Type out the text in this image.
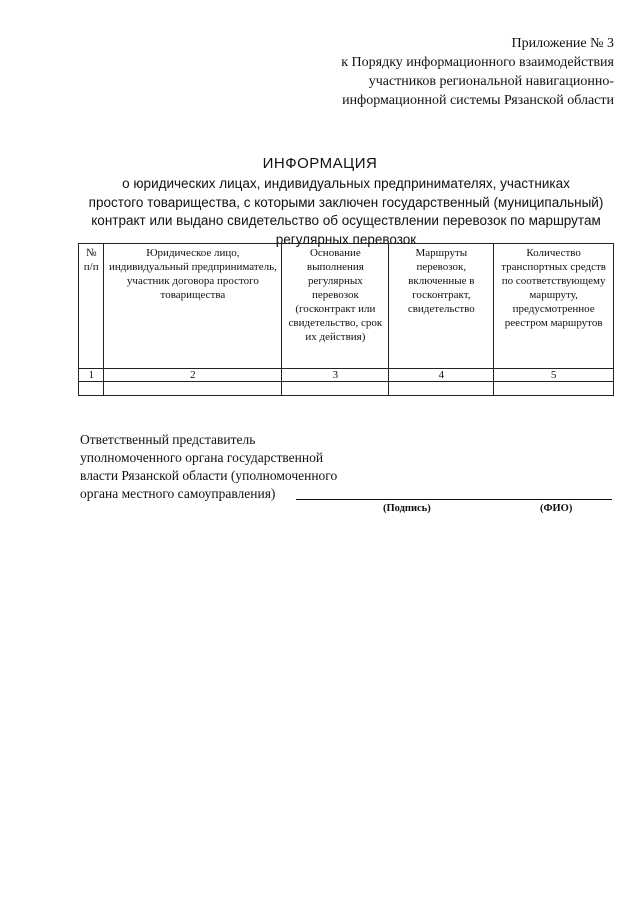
Приложение № 3
к Порядку информационного взаимодействия
участников региональной навигационно-
информационной системы Рязанской области
ИНФОРМАЦИЯ
о юридических лицах, индивидуальных предпринимателях, участниках
простого товарищества, с которыми заключен государственный (муниципальный)
контракт или выдано свидетельство об осуществлении перевозок по маршрутам
регулярных перевозок
№ п/п	Юридическое лицо, индивидуальный предприниматель, участник договора простого товарищества	Основание выполнения регулярных перевозок (госконтракт или свидетельство, срок их действия)	Маршруты перевозок, включенные в госконтракт, свидетельство	Количество транспортных средств по соответствующему маршруту, предусмотренное реестром маршрутов
1	2	3	4	5

Ответственный представитель
уполномоченного органа государственной
власти Рязанской области (уполномоченного
органа местного самоуправления)
(Подпись)	(ФИО)
